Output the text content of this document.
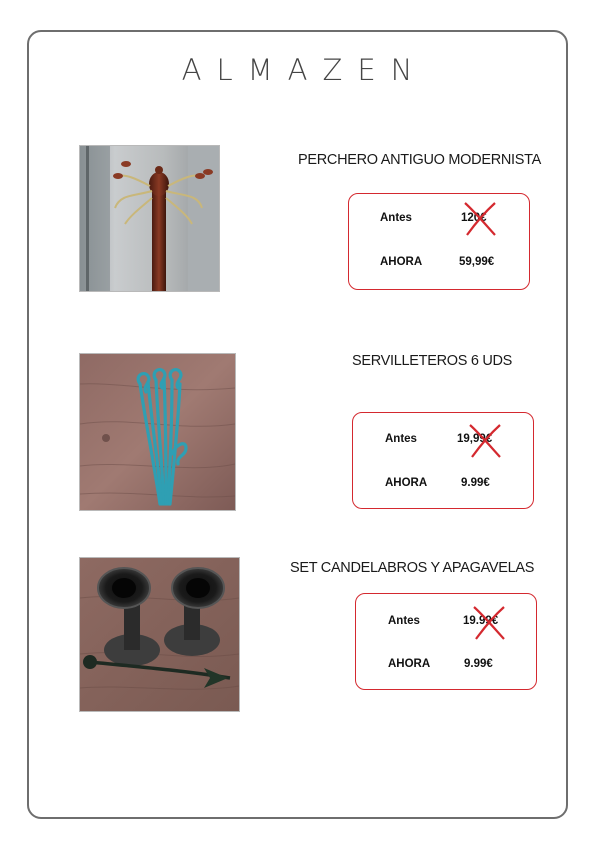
ALMAZEN
PERCHERO ANTIGUO MODERNISTA
Antes	120€
AHORA	59,99€
SERVILLETEROS 6 UDS
Antes	19,99€
AHORA	9.99€
SET CANDELABROS Y APAGAVELAS
Antes	19.99€
AHORA	9.99€
